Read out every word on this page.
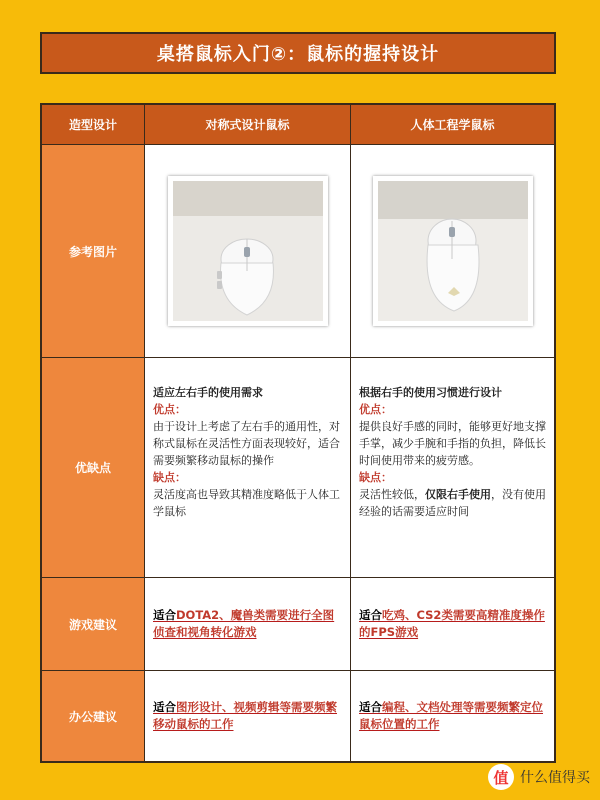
桌搭鼠标入门②：鼠标的握持设计
造型设计	对称式设计鼠标	人体工程学鼠标
参考图片
优缺点
适应左右手的使用需求
优点：
由于设计上考虑了左右手的通用性，对称式鼠标在灵活性方面表现较好，适合需要频繁移动鼠标的操作
缺点：
灵活度高也导致其精准度略低于人体工学鼠标
根据右手的使用习惯进行设计
优点：
提供良好手感的同时，能够更好地支撑手掌，减少手腕和手指的负担，降低长时间使用带来的疲劳感。
缺点：
灵活性较低，仅限右手使用，没有使用经验的话需要适应时间
游戏建议
适合DOTA2、魔兽类需要进行全图侦查和视角转化游戏
适合吃鸡、CS2类需要高精准度操作的FPS游戏
办公建议
适合图形设计、视频剪辑等需要频繁移动鼠标的工作
适合编程、文档处理等需要频繁定位鼠标位置的工作
值 什么值得买
